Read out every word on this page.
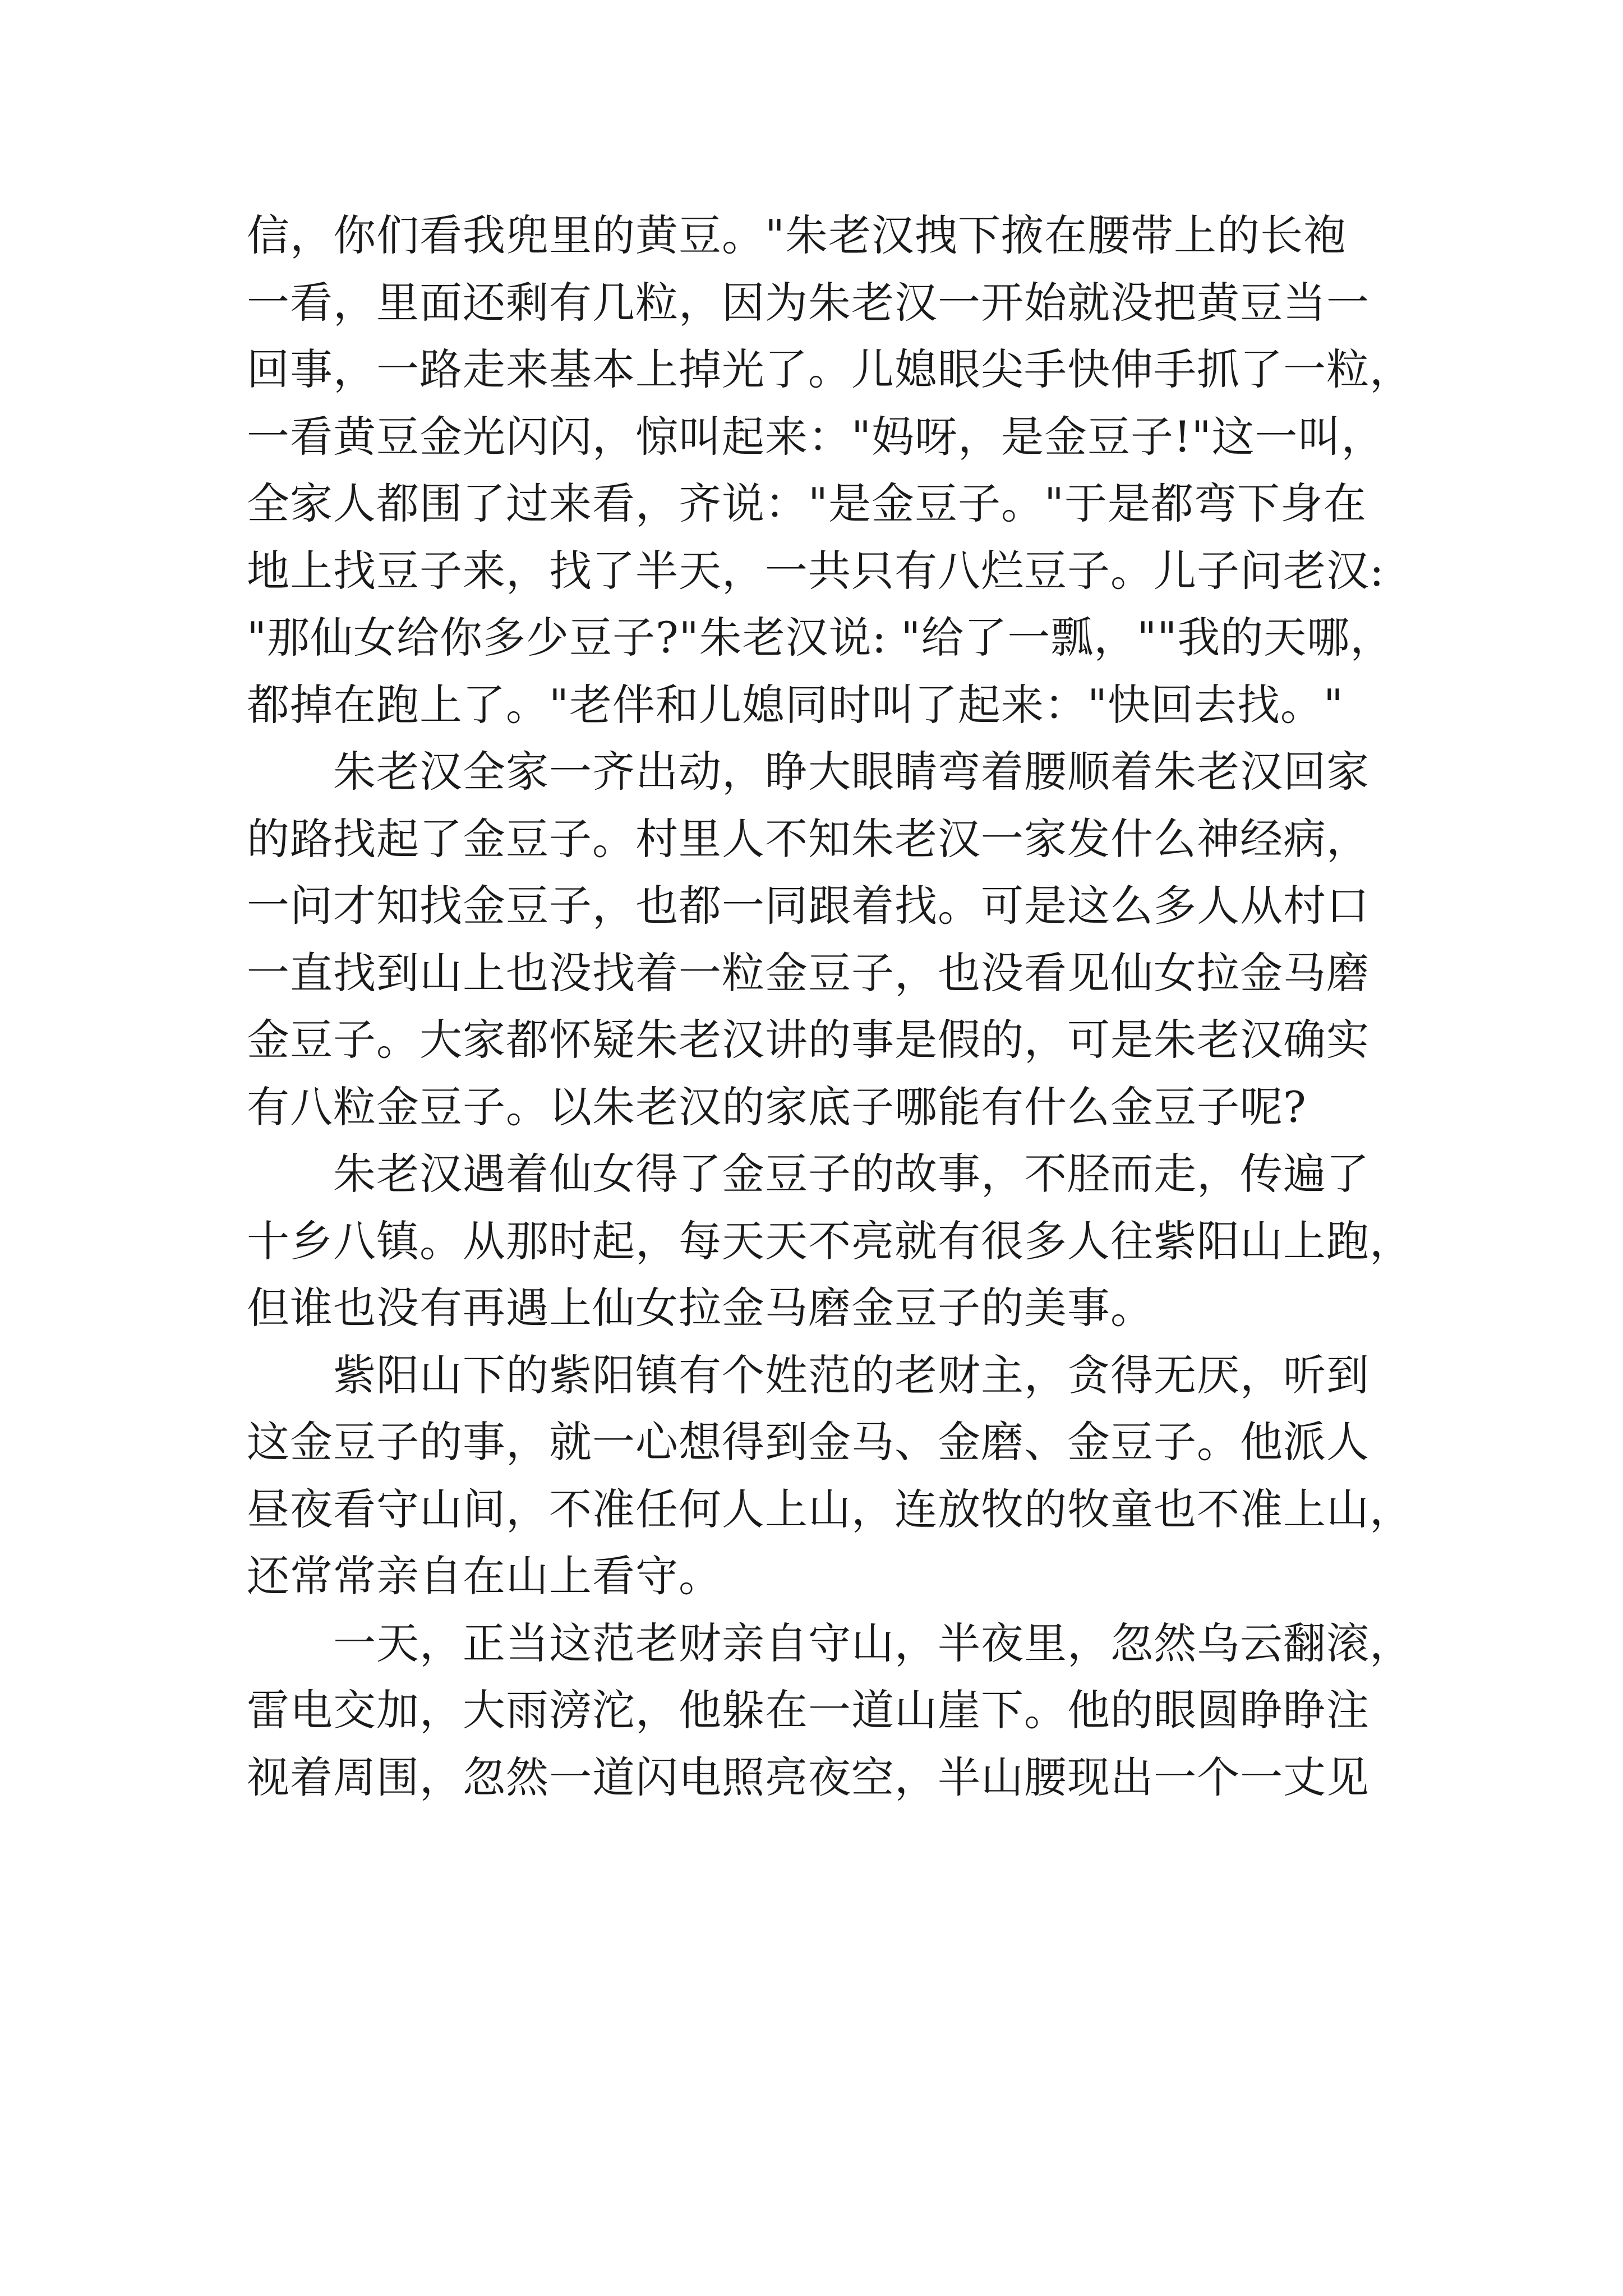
信，你们看我兜里的黄豆。"朱老汉拽下掖在腰带上的长袍
一看，里面还剩有几粒，因为朱老汉一开始就没把黄豆当一
回事，一路走来基本上掉光了。儿媳眼尖手快伸手抓了一粒，
一看黄豆金光闪闪，惊叫起来："妈呀，是金豆子!"这一叫，
全家人都围了过来看，齐说："是金豆子。"于是都弯下身在
地上找豆子来，找了半天，一共只有八烂豆子。儿子问老汉:
"那仙女给你多少豆子?"朱老汉说: "给了一瓢，""我的天哪，
都掉在跑上了。"老伴和儿媳同时叫了起来："快回去找。"
　　朱老汉全家一齐出动，睁大眼睛弯着腰顺着朱老汉回家
的路找起了金豆子。村里人不知朱老汉一家发什么神经病，
一问才知找金豆子，也都一同跟着找。可是这么多人从村口
一直找到山上也没找着一粒金豆子，也没看见仙女拉金马磨
金豆子。大家都怀疑朱老汉讲的事是假的，可是朱老汉确实
有八粒金豆子。以朱老汉的家底子哪能有什么金豆子呢?
　　朱老汉遇着仙女得了金豆子的故事，不胫而走，传遍了
十乡八镇。从那时起，每天天不亮就有很多人往紫阳山上跑，
但谁也没有再遇上仙女拉金马磨金豆子的美事。
　　紫阳山下的紫阳镇有个姓范的老财主，贪得无厌，听到
这金豆子的事，就一心想得到金马、金磨、金豆子。他派人
昼夜看守山间，不准任何人上山，连放牧的牧童也不准上山，
还常常亲自在山上看守。
　　一天，正当这范老财亲自守山，半夜里，忽然乌云翻滚，
雷电交加，大雨滂沱，他躲在一道山崖下。他的眼圆睁睁注
视着周围，忽然一道闪电照亮夜空，半山腰现出一个一丈见
